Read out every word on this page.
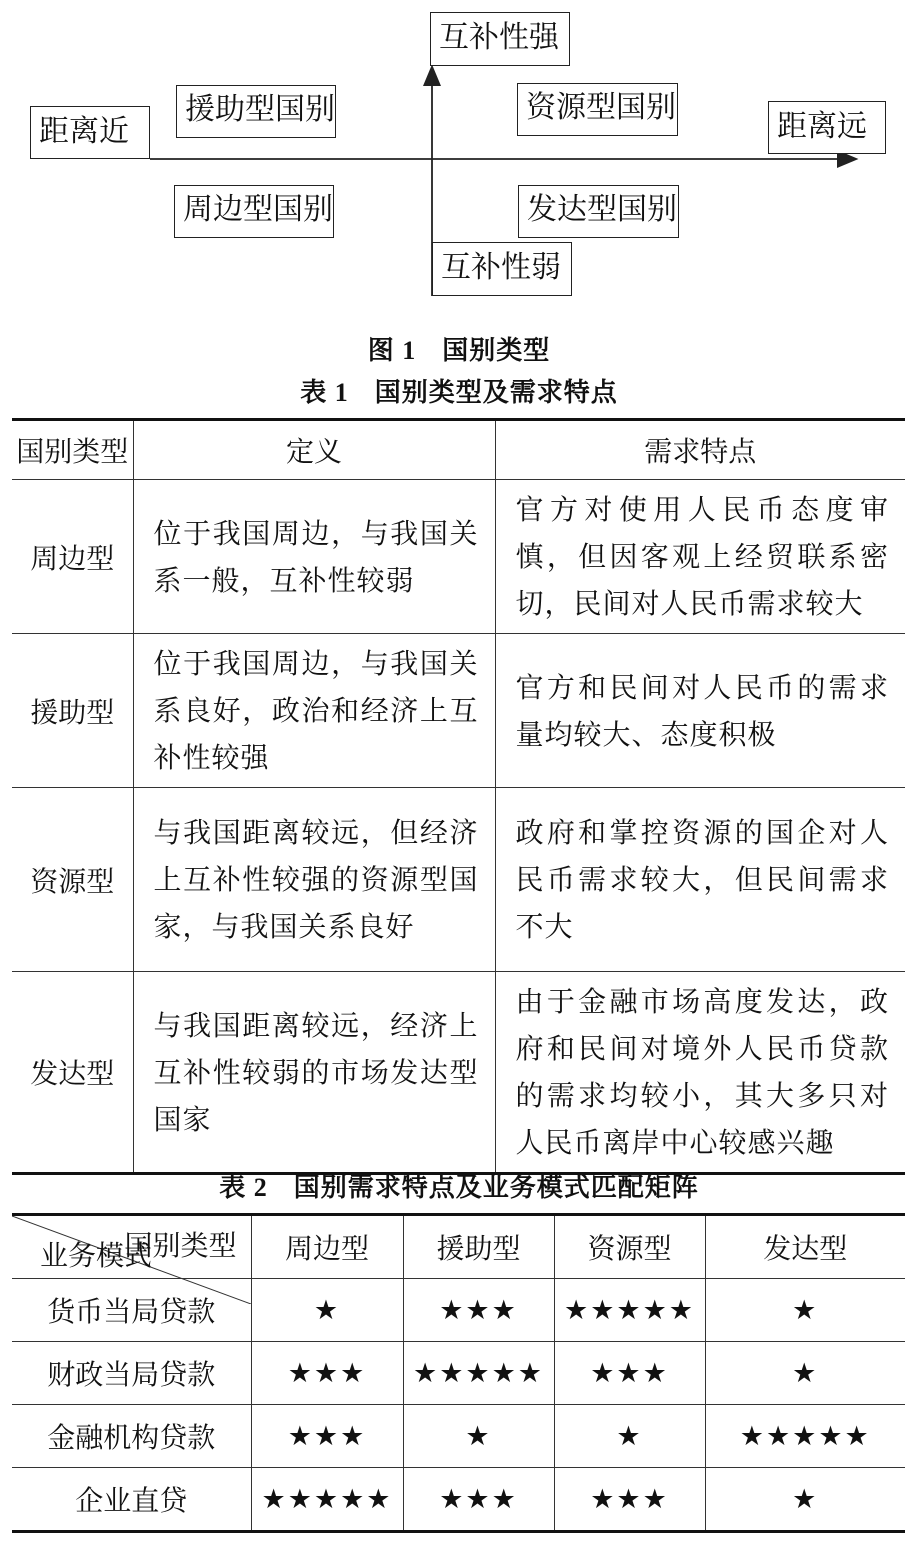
距离近	距离远
互补性强
互补性弱
援助型国别	资源型国别
周边型国别	发达型国别
图 1 国别类型
表 1 国别类型及需求特点
国别类型	定义	需求特点
周边型	位于我国周边，与我国关系一般，互补性较弱	官方对使用人民币态度审慎，但因客观上经贸联系密切，民间对人民币需求较大
援助型	位于我国周边，与我国关系良好，政治和经济上互补性较强	官方和民间对人民币的需求量均较大、态度积极
资源型	与我国距离较远，但经济上互补性较强的资源型国家，与我国关系良好	政府和掌控资源的国企对人民币需求较大，但民间需求不大
发达型	与我国距离较远，经济上互补性较弱的市场发达型国家	由于金融市场高度发达，政府和民间对境外人民币贷款的需求均较小，其大多只对人民币离岸中心较感兴趣
表 2 国别需求特点及业务模式匹配矩阵
国别类型
业务模式	周边型	援助型	资源型	发达型
货币当局贷款	★	★★★	★★★★★	★
财政当局贷款	★★★	★★★★★	★★★	★
金融机构贷款	★★★	★	★	★★★★★
企业直贷	★★★★★	★★★	★★★	★
